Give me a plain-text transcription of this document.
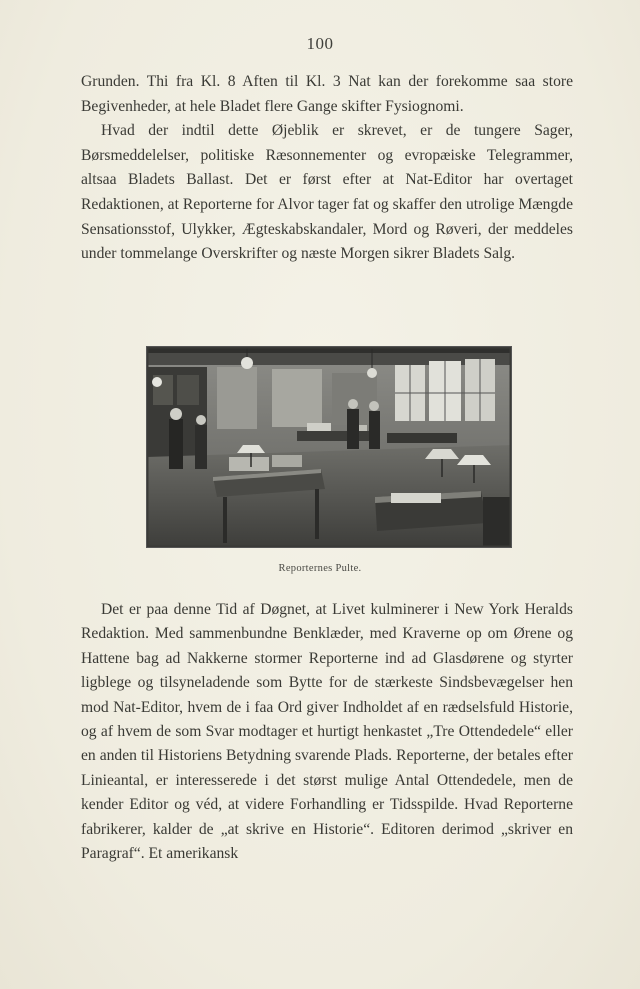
100

Grunden. Thi fra Kl. 8 Aften til Kl. 3 Nat kan der forekomme saa store Begivenheder, at hele Bladet flere Gange skifter Fysiognomi.

Hvad der indtil dette Øjeblik er skrevet, er de tungere Sager, Børsmeddelelser, politiske Ræsonnementer og evropæiske Telegrammer, altsaa Bladets Ballast. Det er først efter at Nat-Editor har overtaget Redaktionen, at Reporterne for Alvor tager fat og skaffer den utrolige Mængde Sensationsstof, Ulykker, Ægteskabskandaler, Mord og Røveri, der meddeles under tommelange Overskrifter og næste Morgen sikrer Bladets Salg.

Reporternes Pulte.

Det er paa denne Tid af Døgnet, at Livet kulminerer i New York Heralds Redaktion. Med sammenbundne Benklæder, med Kraverne op om Ørene og Hattene bag ad Nakkerne stormer Reporterne ind ad Glasdørene og styrter ligblege og tilsyneladende som Bytte for de stærkeste Sindsbevægelser hen mod Nat-Editor, hvem de i faa Ord giver Indholdet af en rædselsfuld Historie, og af hvem de som Svar modtager et hurtigt henkastet „Tre Ottendedele“ eller en anden til Historiens Betydning svarende Plads. Reporterne, der betales efter Linieantal, er interesserede i det størst mulige Antal Ottendedele, men de kender Editor og véd, at videre Forhandling er Tidsspilde. Hvad Reporterne fabrikerer, kalder de „at skrive en Historie“. Editoren derimod „skriver en Paragraf“. Et amerikansk
